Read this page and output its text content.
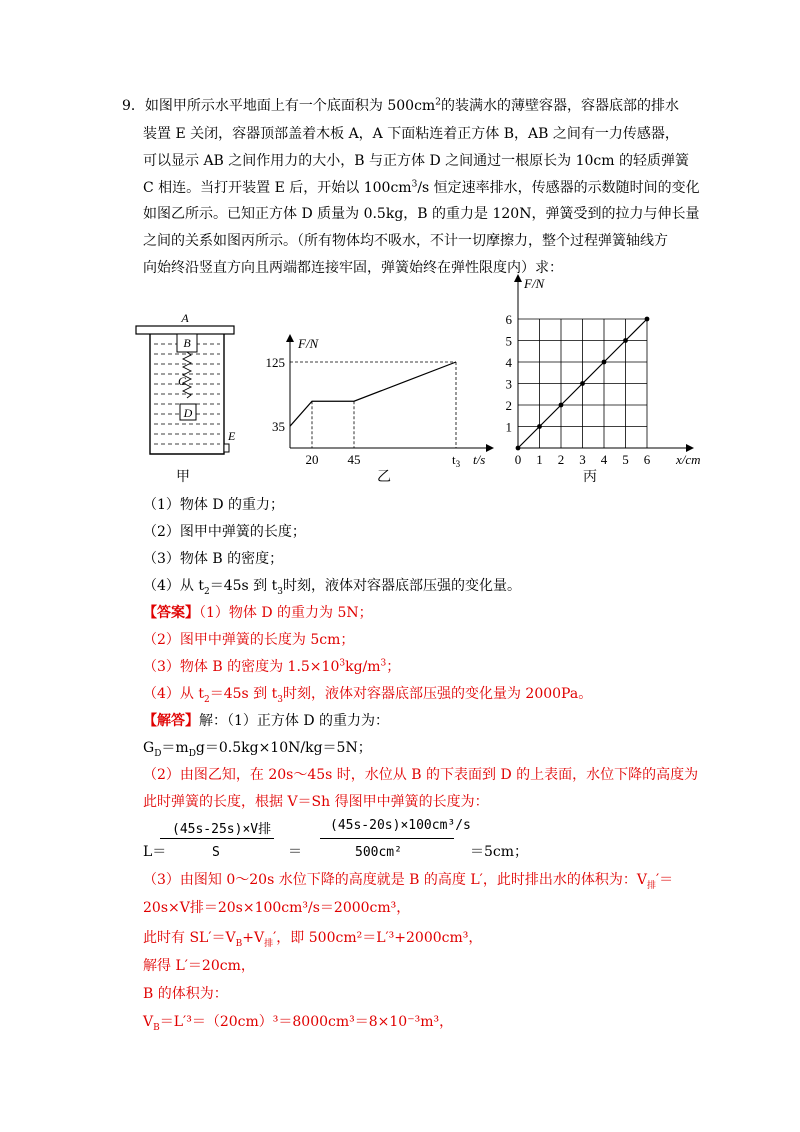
9．如图甲所示水平地面上有一个底面积为 $500cm^2$的装满水的薄壁容器，容器底部的排水
装置 E 关闭，容器顶部盖着木板 A，A 下面粘连着正方体 B，AB 之间有一力传感器，
可以显示 AB 之间作用力的大小，B 与正方体 D 之间通过一根原长为 10cm 的轻质弹簧
C 相连。当打开装置 E 后，开始以 $100cm^3/s$ 恒定速率排水，传感器的示数随时间的变化
如图乙所示。已知正方体 D 质量为 0.5kg，B 的重力是 120N，弹簧受到的拉力与伸长量
之间的关系如图丙所示。（所有物体均不吸水，不计一切摩擦力，整个过程弹簧轴线方
向始终沿竖直方向且两端都连接牢固，弹簧始终在弹性限度内）求：
A
B
C
D
E
甲
F/N
t/s
20 45	$t_3$
35
125
乙
F/N
x/cm
0 1 2 3 4 5 6
1
2
3
4
5
6
丙
（1）物体 D 的重力；
（2）图甲中弹簧的长度；
（3）物体 B 的密度；
（4）从 $t_2=45s$ 到 $t_3$时刻，液体对容器底部压强的变化量。
【答案】（1）物体 D 的重力为 5N；
（2）图甲中弹簧的长度为 5cm；
（3）物体 B 的密度为 $1.5\times 10^3kg/m^3$；
（4）从 $t_2=45s$ 到 $t_3$时刻，液体对容器底部压强的变化量为 2000Pa。
【解答】解：（1）正方体 D 的重力为：
$G_D=m_Dg=0.5kg\times 10N/kg=5N$；
（2）由图乙知，在 20s～45s 时，水位从 B 的下表面到 D 的上表面，水位下降的高度为
此时弹簧的长度，根据 V＝Sh 得图甲中弹簧的长度为：
L＝
(45s-25s)×V排
S	＝
(45s-20s)×100cm³/s
500cm²	＝5cm；
（3）由图知 0～20s 水位下降的高度就是 B 的高度 L′，此时排出水的体积为：$V_排'=$
20s×V排＝20s×100cm³/s＝2000cm³，
此时有 $SL'=V_B+V_排'$，即 500cm²＝L′³+2000cm³，
解得 L′＝20cm，
B 的体积为：
$V_B=L'^3=(20cm)^3=8000cm^3=8\times 10^{-3}m^3$，
